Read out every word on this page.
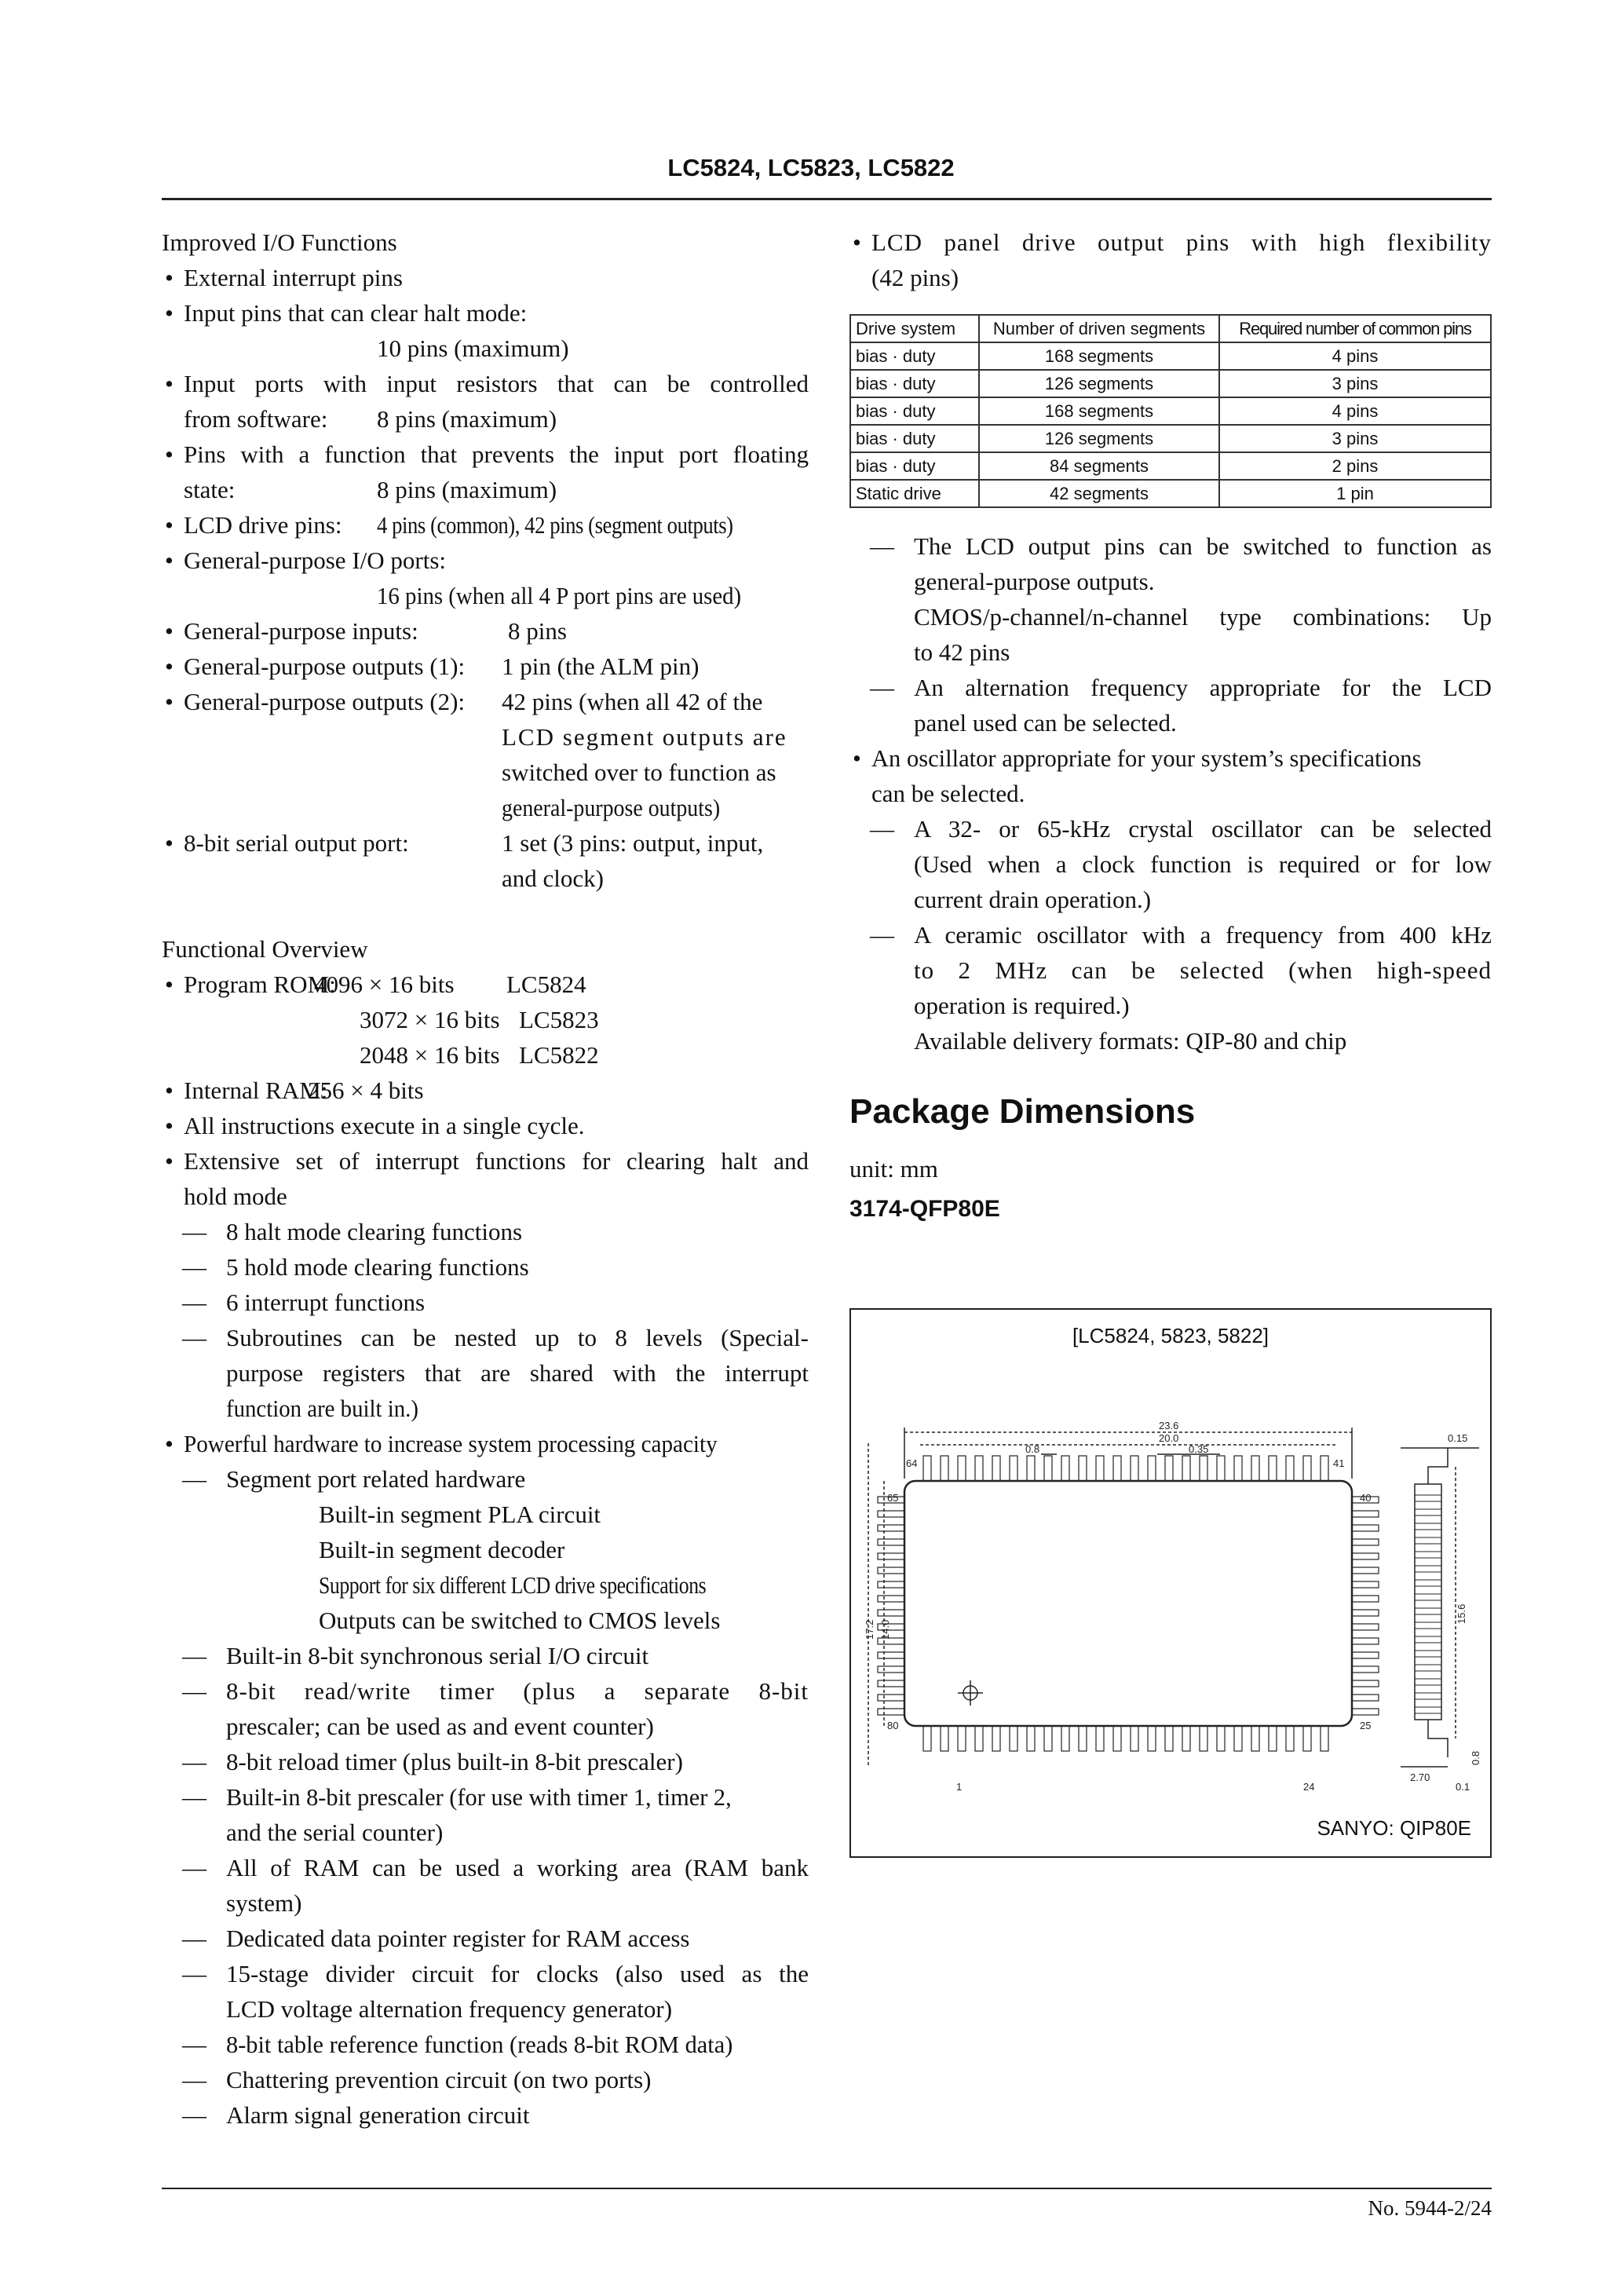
LC5824, LC5823, LC5822
Improved I/O Functions
• External interrupt pins
• Input pins that can clear halt mode:
10 pins (maximum)
• Input ports with input resistors that can be controlled
from software: 8 pins (maximum)
• Pins with a function that prevents the input port floating
state:	8 pins (maximum)
• LCD drive pins: 4 pins (common), 42 pins (segment outputs)
• General-purpose I/O ports:
16 pins (when all 4 P port pins are used)
• General-purpose inputs:	8 pins
• General-purpose outputs (1): 1 pin (the ALM pin)
• General-purpose outputs (2): 42 pins (when all 42 of the
LCD segment outputs are
switched over to function as
general-purpose outputs)
• 8-bit serial output port:	1 set (3 pins: output, input,
and clock)
Functional Overview
• Program ROM:4096 × 16 bits LC5824
3072 × 16 bits LC5823
2048 × 16 bits LC5822
• Internal RAM:256 × 4 bits
• All instructions execute in a single cycle.
• Extensive set of interrupt functions for clearing halt and
hold mode
— 8 halt mode clearing functions
— 5 hold mode clearing functions
— 6 interrupt functions
— Subroutines can be nested up to 8 levels (Special-
purpose registers that are shared with the interrupt
function are built in.)
• Powerful hardware to increase system processing capacity
— Segment port related hardware
Built-in segment PLA circuit
Built-in segment decoder
Support for six different LCD drive specifications
Outputs can be switched to CMOS levels
— Built-in 8-bit synchronous serial I/O circuit
— 8-bit read/write timer (plus a separate 8-bit
prescaler; can be used as and event counter)
— 8-bit reload timer (plus built-in 8-bit prescaler)
— Built-in 8-bit prescaler (for use with timer 1, timer 2,
and the serial counter)
— All of RAM can be used a working area (RAM bank
system)
— Dedicated data pointer register for RAM access
— 15-stage divider circuit for clocks (also used as the
LCD voltage alternation frequency generator)
— 8-bit table reference function (reads 8-bit ROM data)
— Chattering prevention circuit (on two ports)
— Alarm signal generation circuit
• LCD panel drive output pins with high flexibility
(42 pins)
Drive system	Number of driven segments	Required number of common pins
bias · duty	168 segments	4 pins
bias · duty	126 segments	3 pins
bias · duty	168 segments	4 pins
bias · duty	126 segments	3 pins
bias · duty	84 segments	2 pins
Static drive	42 segments	1 pin
— The LCD output pins can be switched to function as
general-purpose outputs.
CMOS/p-channel/n-channel type combinations: Up
to 42 pins
— An alternation frequency appropriate for the LCD
panel used can be selected.
• An oscillator appropriate for your system’s specifications
can be selected.
— A 32- or 65-kHz crystal oscillator can be selected
(Used when a clock function is required or for low
current drain operation.)
— A ceramic oscillator with a frequency from 400 kHz
to 2 MHz can be selected (when high-speed
operation is required.)
Available delivery formats: QIP-80 and chip
Package Dimensions
unit: mm
3174-QFP80E
[LC5824, 5823, 5822]
23.6
20.0
0.8	0.35
17.2 14.0
64	41
65	40
80	25
1	24
0.15
15.6
2.70
0.1
0.8
SANYO: QIP80E
No. 5944-2/24
